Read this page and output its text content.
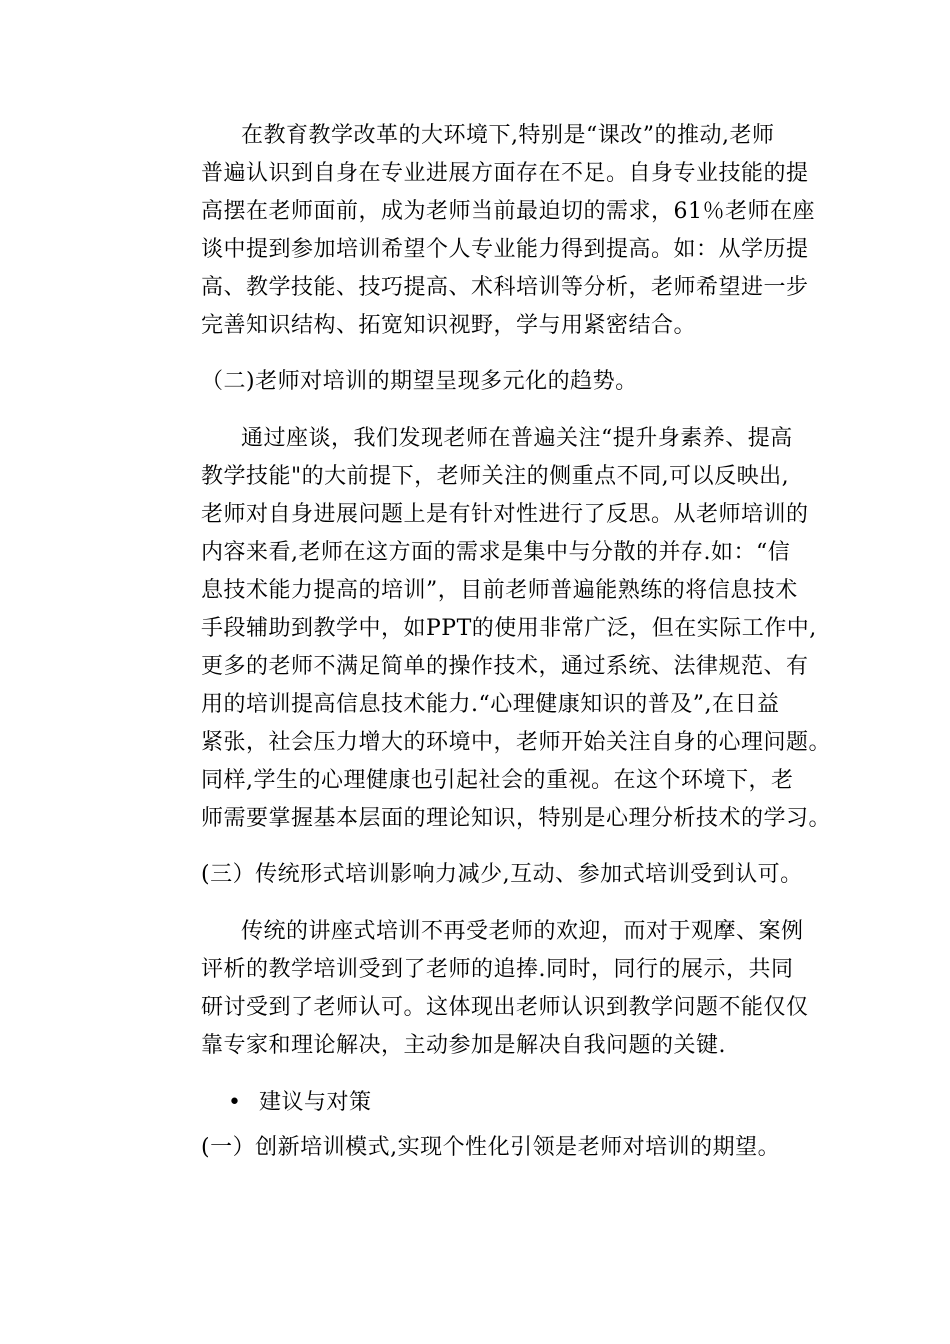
在教育教学改革的大环境下,特别是“课改”的推动,老师
普遍认识到自身在专业进展方面存在不足。自身专业技能的提
高摆在老师面前，成为老师当前最迫切的需求，61％老师在座
谈中提到参加培训希望个人专业能力得到提高。如：从学历提
高、教学技能、技巧提高、术科培训等分析，老师希望进一步
完善知识结构、拓宽知识视野，学与用紧密结合。
（二)老师对培训的期望呈现多元化的趋势。
通过座谈，我们发现老师在普遍关注“提升身素养、提高
教学技能"的大前提下，老师关注的侧重点不同,可以反映出,
老师对自身进展问题上是有针对性进行了反思。从老师培训的
内容来看,老师在这方面的需求是集中与分散的并存.如：“信
息技术能力提高的培训”，目前老师普遍能熟练的将信息技术
手段辅助到教学中，如PPT的使用非常广泛，但在实际工作中,
更多的老师不满足简单的操作技术，通过系统、法律规范、有
用的培训提高信息技术能力.“心理健康知识的普及”,在日益
紧张，社会压力增大的环境中，老师开始关注自身的心理问题。
同样,学生的心理健康也引起社会的重视。在这个环境下，老
师需要掌握基本层面的理论知识，特别是心理分析技术的学习。
(三）传统形式培训影响力减少,互动、参加式培训受到认可。
传统的讲座式培训不再受老师的欢迎，而对于观摩、案例
评析的教学培训受到了老师的追捧.同时，同行的展示，共同
研讨受到了老师认可。这体现出老师认识到教学问题不能仅仅
靠专家和理论解决，主动参加是解决自我问题的关键.
• 建议与对策
(一）创新培训模式,实现个性化引领是老师对培训的期望。
